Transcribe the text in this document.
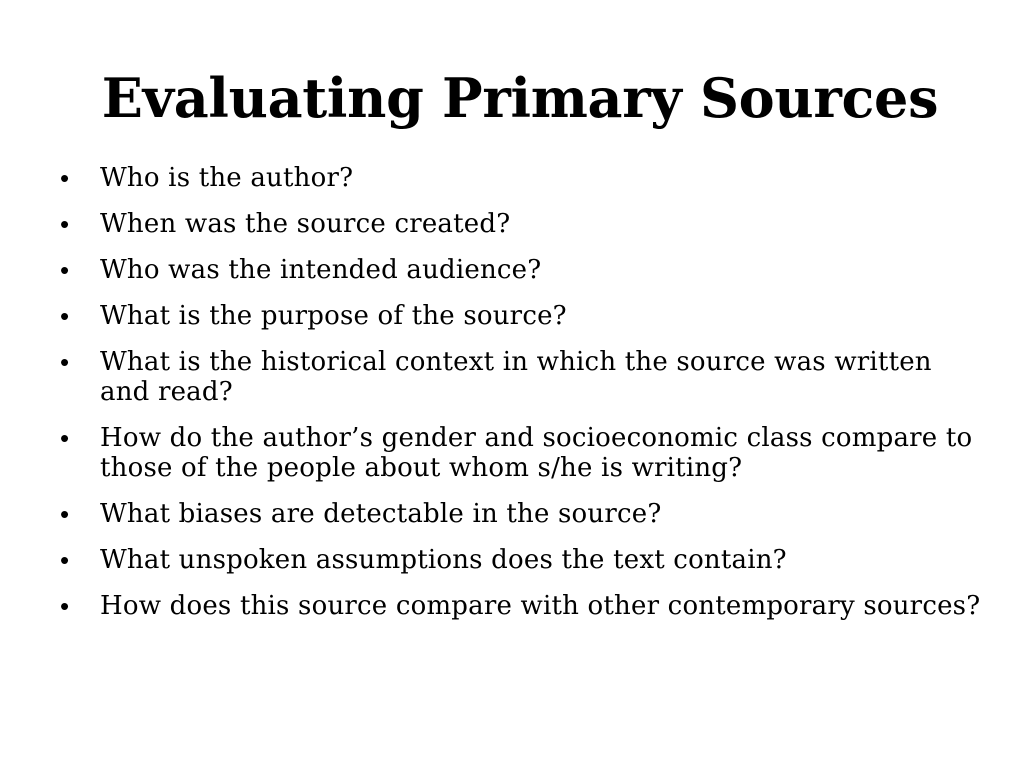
Evaluating Primary Sources
• Who is the author?
• When was the source created?
• Who was the intended audience?
• What is the purpose of the source?
• What is the historical context in which the source was written and read?
• How do the author’s gender and socioeconomic class compare to those of the people about whom s/he is writing?
• What biases are detectable in the source?
• What unspoken assumptions does the text contain?
• How does this source compare with other contemporary sources?
